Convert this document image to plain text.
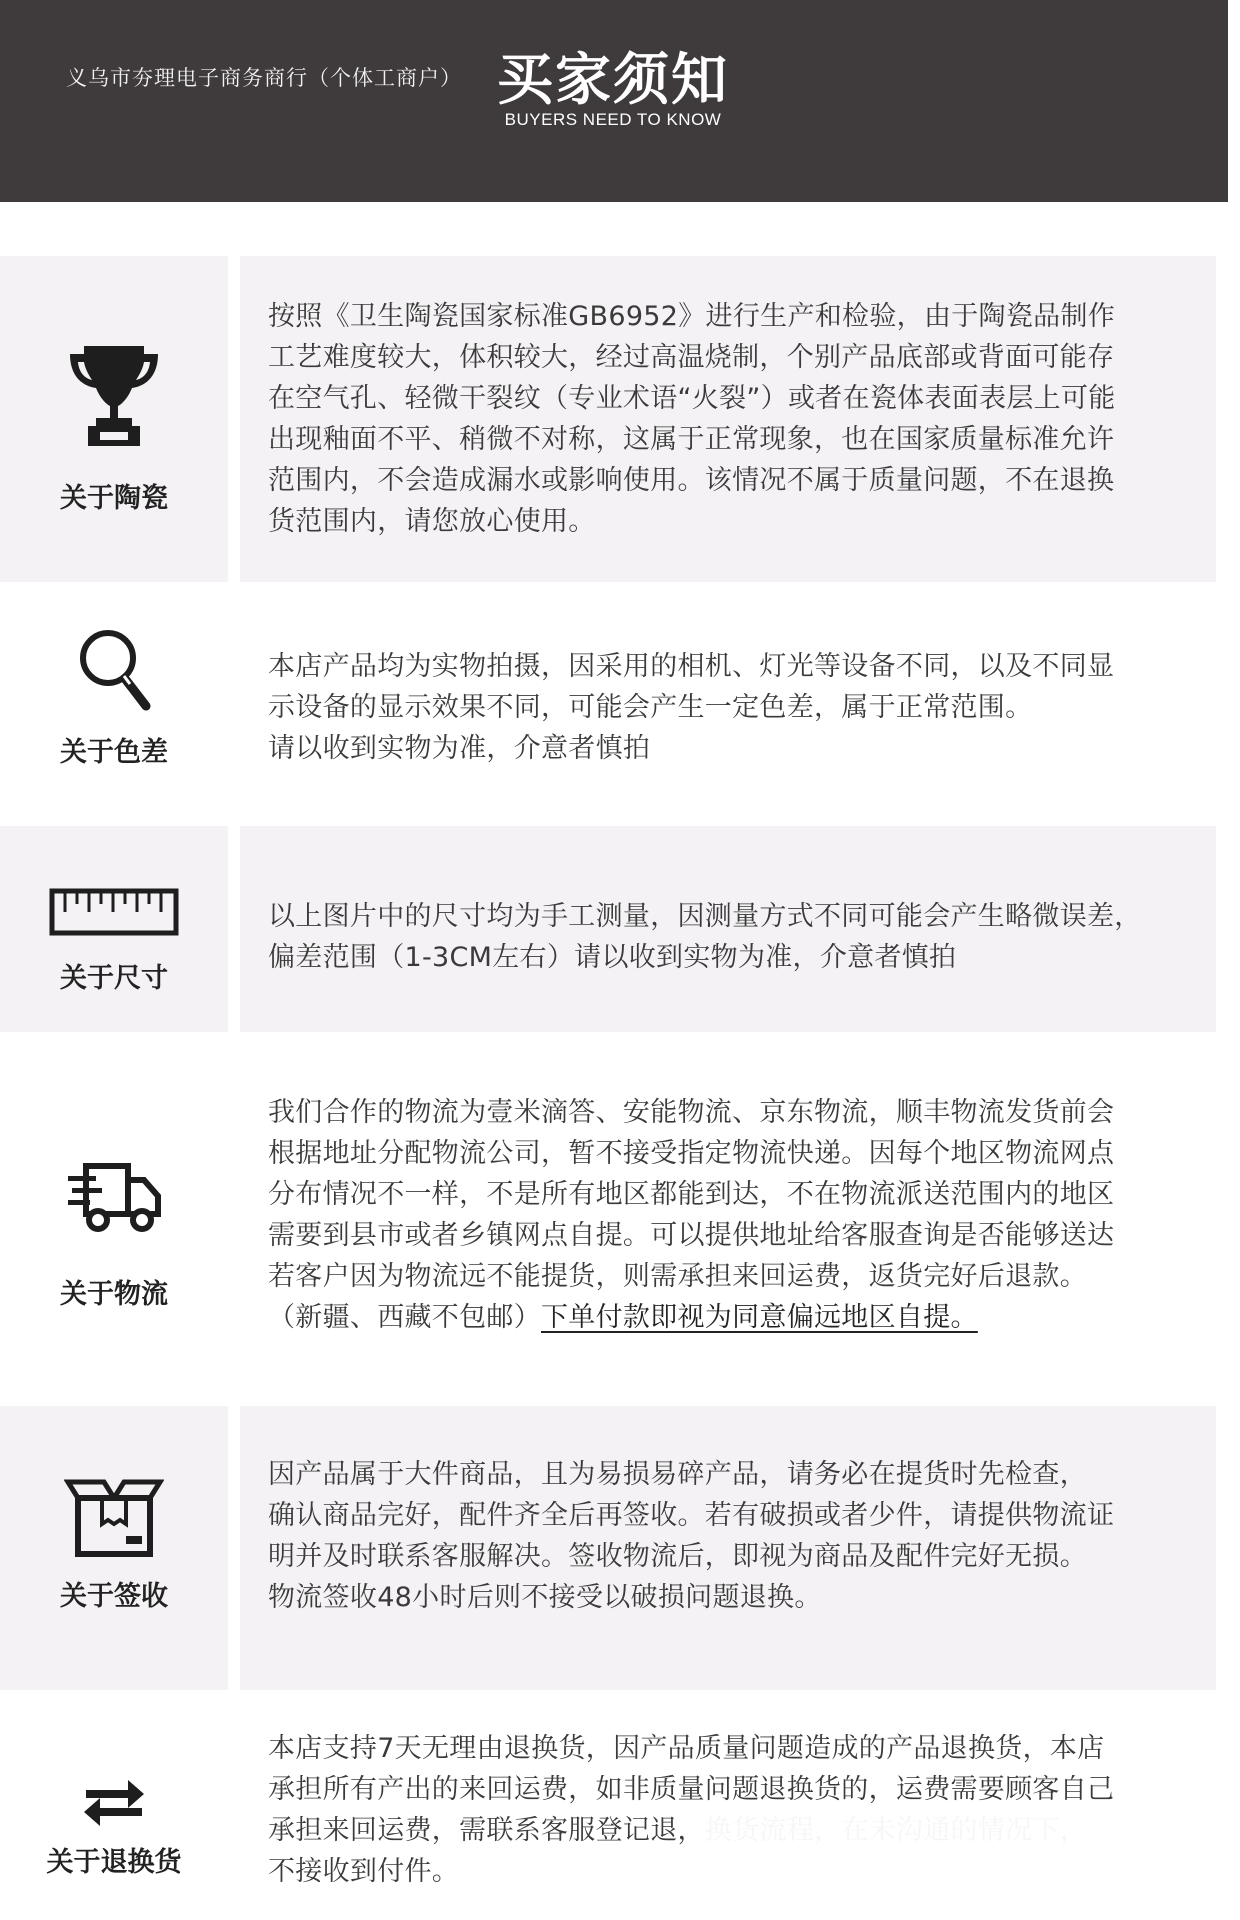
义乌市夯理电子商务商行（个体工商户） 买家须知
BUYERS NEED TO KNOW
关于陶瓷

按照《卫生陶瓷国家标准GB6952》进行生产和检验，由于陶瓷品制作

工艺难度较大，体积较大，经过高温烧制，个别产品底部或背面可能存

在空气孔、轻微干裂纹（专业术语“火裂”）或者在瓷体表面表层上可能

出现釉面不平、稍微不对称，这属于正常现象，也在国家质量标准允许

范围内，不会造成漏水或影响使用。该情况不属于质量问题，不在退换

货范围内，请您放心使用。

关于色差

本店产品均为实物拍摄，因采用的相机、灯光等设备不同，以及不同显

示设备的显示效果不同，可能会产生一定色差，属于正常范围。

请以收到实物为准，介意者慎拍

关于尺寸

以上图片中的尺寸均为手工测量，因测量方式不同可能会产生略微误差，

偏差范围（1-3CM左右）请以收到实物为准，介意者慎拍

关于物流

我们合作的物流为壹米滴答、安能物流、京东物流，顺丰物流发货前会

根据地址分配物流公司，暂不接受指定物流快递。因每个地区物流网点

分布情况不一样，不是所有地区都能到达，不在物流派送范围内的地区

需要到县市或者乡镇网点自提。可以提供地址给客服查询是否能够送达

若客户因为物流远不能提货，则需承担来回运费，返货完好后退款。

（新疆、西藏不包邮）下单付款即视为同意偏远地区自提。

关于签收

因产品属于大件商品，且为易损易碎产品，请务必在提货时先检查，

确认商品完好，配件齐全后再签收。若有破损或者少件，请提供物流证

明并及时联系客服解决。签收物流后，即视为商品及配件完好无损。

物流签收48小时后则不接受以破损问题退换。

关于退换货

本店支持7天无理由退换货，因产品质量问题造成的产品退换货，本店

承担所有产出的来回运费，如非质量问题退换货的，运费需要顾客自己

承担来回运费，需联系客服登记退，换货流程，在未沟通的情况下，

不接收到付件。
